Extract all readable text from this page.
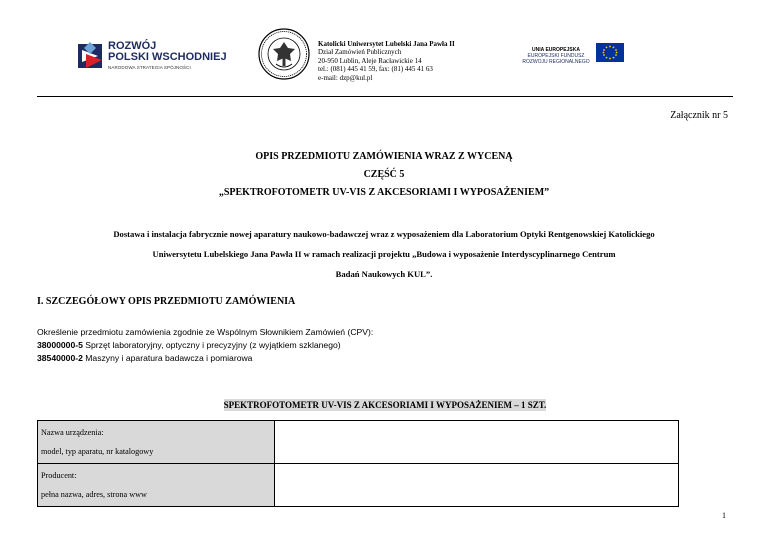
ROZWÓJ
POLSKI WSCHODNIEJ
NARODOWA STRATEGIA SPÓJNOŚCI
Katolicki Uniwersytet Lubelski Jana Pawła II
Dział Zamówień Publicznych
20-950 Lublin, Aleje Racławickie 14
tel.: (081) 445 41 59, fax: (81) 445 41 63
e-mail: dzp@kul.pl
UNIA EUROPEJSKA
EUROPEJSKI FUNDUSZ
ROZWOJU REGIONALNEGO
Załącznik nr 5
OPIS PRZEDMIOTU ZAMÓWIENIA WRAZ Z WYCENĄ
CZĘŚĆ 5
„SPEKTROFOTOMETR UV-VIS Z AKCESORIAMI I WYPOSAŻENIEM”
Dostawa i instalacja fabrycznie nowej aparatury naukowo-badawczej wraz z wyposażeniem dla Laboratorium Optyki Rentgenowskiej Katolickiego
Uniwersytetu Lubelskiego Jana Pawła II w ramach realizacji projektu „Budowa i wyposażenie Interdyscyplinarnego Centrum
Badań Naukowych KUL”.
I. SZCZEGÓŁOWY OPIS PRZEDMIOTU ZAMÓWIENIA
Określenie przedmiotu zamówienia zgodnie ze Wspólnym Słownikiem Zamówień (CPV):
38000000-5 Sprzęt laboratoryjny, optyczny i precyzyjny (z wyjątkiem szklanego)
38540000-2 Maszyny i aparatura badawcza i pomiarowa
SPEKTROFOTOMETR UV-VIS Z AKCESORIAMI I WYPOSAŻENIEM – 1 SZT.
Nazwa urządzenia:
model, typ aparatu, nr katalogowy	

Producent:
pełna nazwa, adres, strona www	

1
